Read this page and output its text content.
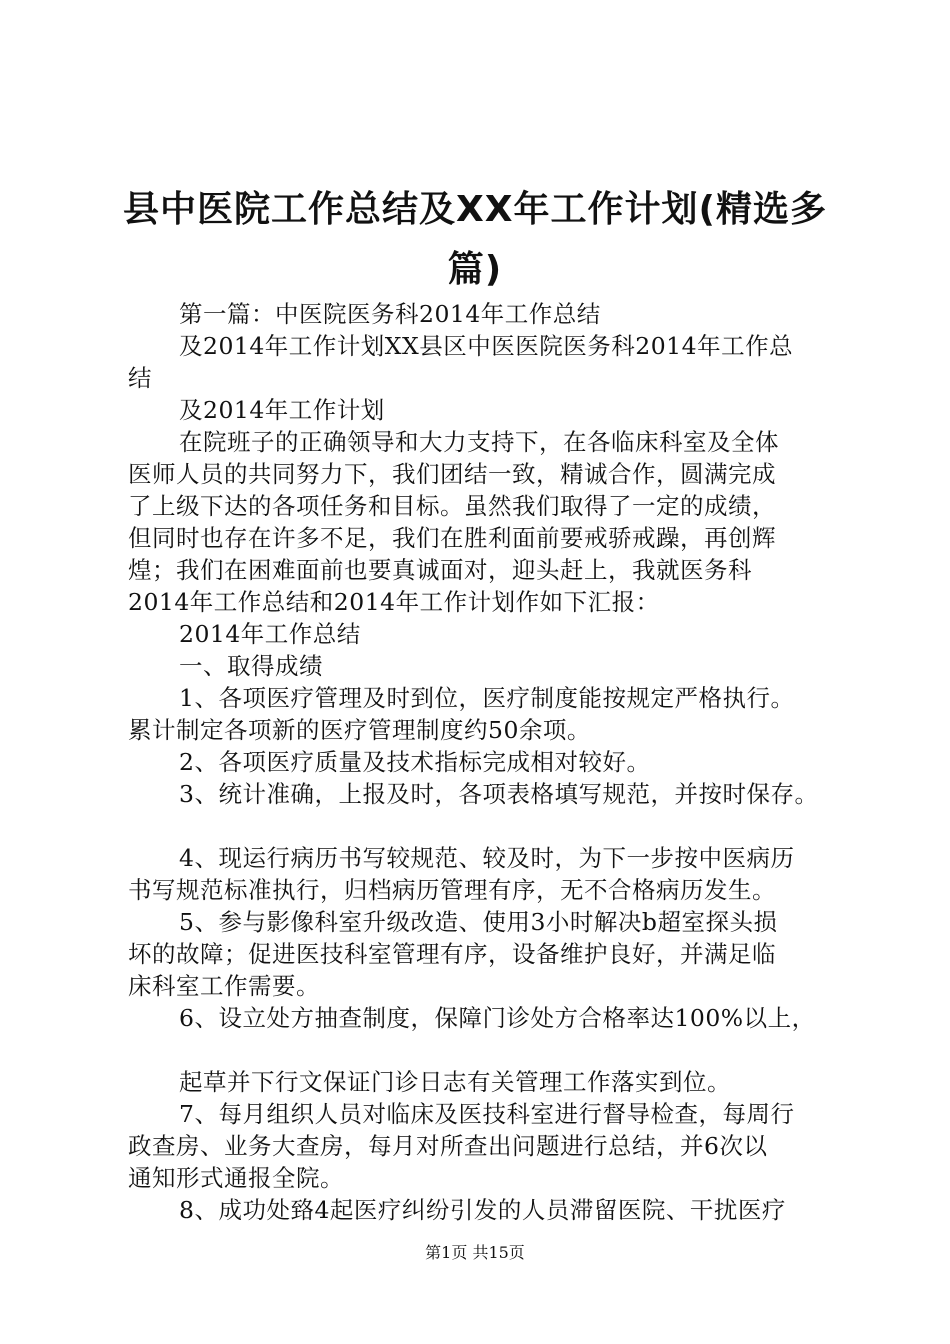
县中医院工作总结及XX年工作计划(精选多
篇)
第一篇：中医院医务科2014年工作总结
及2014年工作计划XX县区中医医院医务科2014年工作总
结
及2014年工作计划
在院班子的正确领导和大力支持下，在各临床科室及全体
医师人员的共同努力下，我们团结一致，精诚合作，圆满完成
了上级下达的各项任务和目标。虽然我们取得了一定的成绩，
但同时也存在许多不足，我们在胜利面前要戒骄戒躁，再创辉
煌；我们在困难面前也要真诚面对，迎头赶上，我就医务科
2014年工作总结和2014年工作计划作如下汇报：
2014年工作总结
一、取得成绩
1、各项医疗管理及时到位，医疗制度能按规定严格执行。
累计制定各项新的医疗管理制度约50余项。
2、各项医疗质量及技术指标完成相对较好。
3、统计准确，上报及时，各项表格填写规范，并按时保存。
4、现运行病历书写较规范、较及时，为下一步按中医病历
书写规范标准执行，归档病历管理有序，无不合格病历发生。
5、参与影像科室升级改造、使用3小时解决b超室探头损
坏的故障；促进医技科室管理有序，设备维护良好，并满足临
床科室工作需要。
6、设立处方抽查制度，保障门诊处方合格率达100%以上，
起草并下行文保证门诊日志有关管理工作落实到位。
7、每月组织人员对临床及医技科室进行督导检查，每周行
政查房、业务大查房，每月对所查出问题进行总结，并6次以
通知形式通报全院。
8、成功处臵4起医疗纠纷引发的人员滞留医院、干扰医疗
第1页 共15页
